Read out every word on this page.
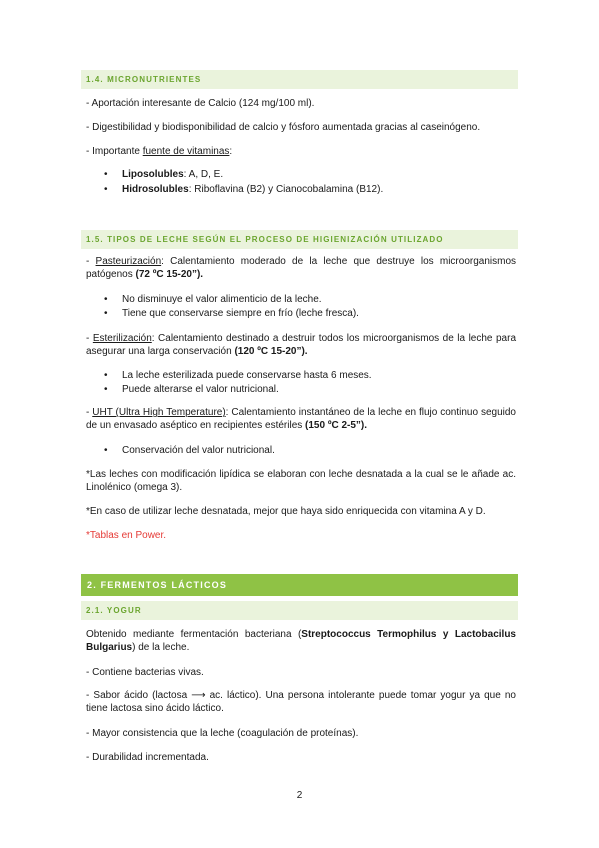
1.4. MICRONUTRIENTES
- Aportación interesante de Calcio (124 mg/100 ml).
- Digestibilidad y biodisponibilidad de calcio y fósforo aumentada gracias al caseinógeno.
- Importante fuente de vitaminas:
•
Liposolubles: A, D, E.
•
Hidrosolubles: Riboflavina (B2) y Cianocobalamina (B12).
1.5. TIPOS DE LECHE SEGÚN EL PROCESO DE HIGIENIZACIÓN UTILIZADO
- Pasteurización: Calentamiento moderado de la leche que destruye los microorganismos patógenos (72 ºC 15-20”).
•
No disminuye el valor alimenticio de la leche.
•
Tiene que conservarse siempre en frío (leche fresca).
- Esterilización: Calentamiento destinado a destruir todos los microorganismos de la leche para asegurar una larga conservación (120 ºC 15-20”).
•
La leche esterilizada puede conservarse hasta 6 meses.
•
Puede alterarse el valor nutricional.
- UHT (Ultra High Temperature): Calentamiento instantáneo de la leche en flujo continuo seguido de un envasado aséptico en recipientes estériles (150 ºC 2-5”).
•
Conservación del valor nutricional.
*Las leches con modificación lipídica se elaboran con leche desnatada a la cual se le añade ac. Linolénico (omega 3).
*En caso de utilizar leche desnatada, mejor que haya sido enriquecida con vitamina A y D.
*Tablas en Power.
2. FERMENTOS LÁCTICOS
2.1. YOGUR
Obtenido mediante fermentación bacteriana (Streptococcus Termophilus y Lactobacilus Bulgarius) de la leche.
- Contiene bacterias vivas.
- Sabor ácido (lactosa ⟶ ac. láctico). Una persona intolerante puede tomar yogur ya que no tiene lactosa sino ácido láctico.
- Mayor consistencia que la leche (coagulación de proteínas).
- Durabilidad incrementada.
2
